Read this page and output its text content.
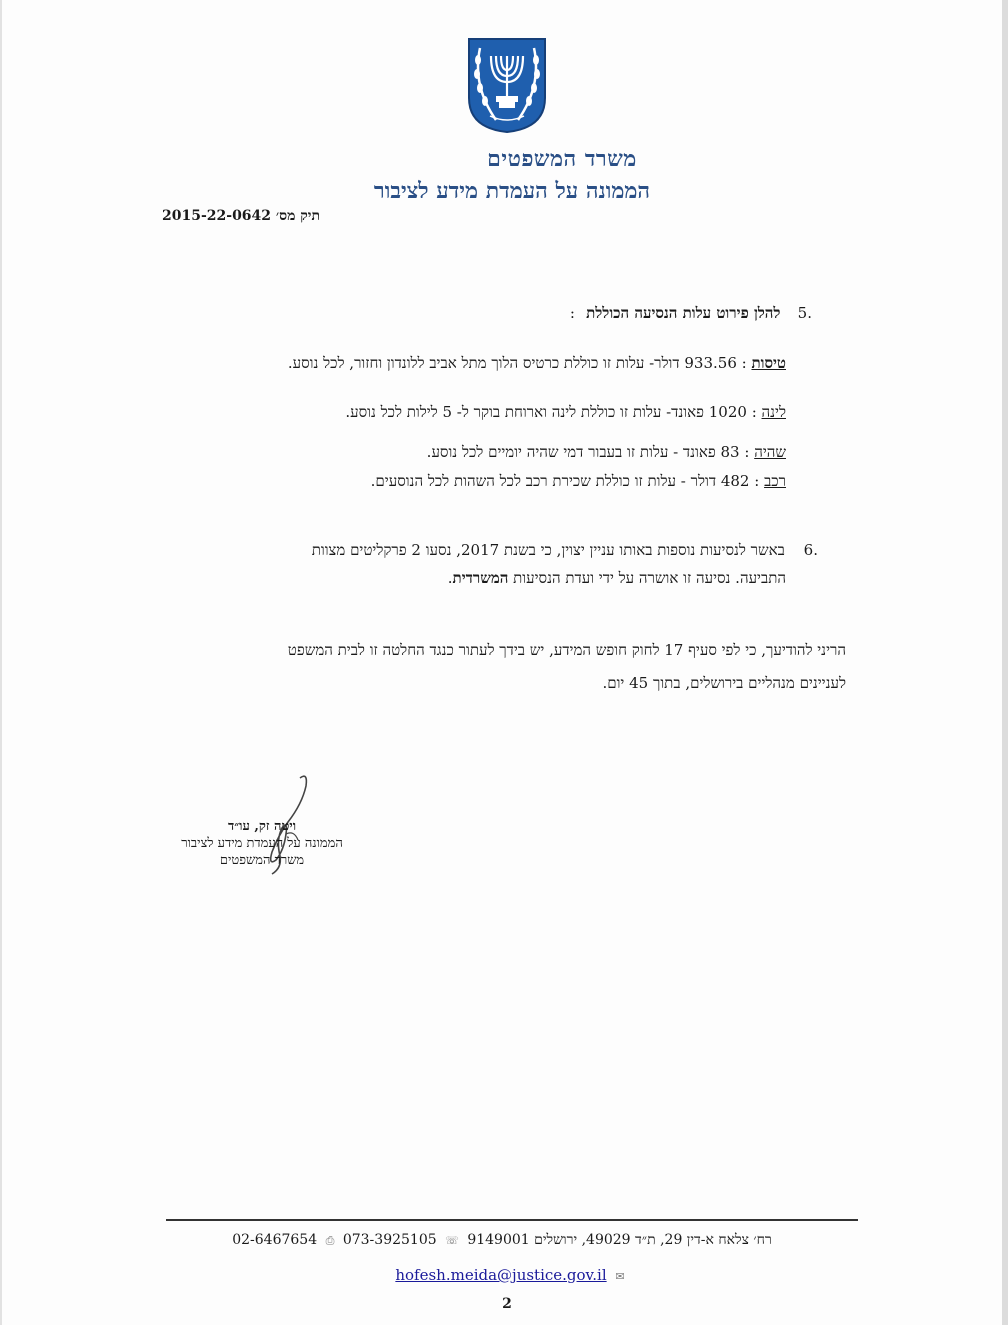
משרד המשפטים
הממונה על העמדת מידע לציבור
תיק מס׳ 2015-22-0642
.5 להלן פירוט עלות הנסיעה הכוללת :
טיסות : 933.56 דולר- עלות זו כוללת כרטיס הלוך מתל אביב ללונדון וחזור, לכל נוסע.
לינה : 1020 פאונד- עלות זו כוללת לינה וארוחת בוקר ל- 5 לילות לכל נוסע.
שהיה : 83 פאונד - עלות זו בעבור דמי שהיה יומיים לכל נוסע.
רכב : 482 דולר - עלות זו כוללת שכירת רכב לכל השהות לכל הנוסעים.
.6 באשר לנסיעות נוספות באותו עניין יצוין, כי בשנת 2017, נסעו 2 פרקליטים מצוות
התביעה. נסיעה זו אושרה על ידי ועדת הנסיעות המשרדית.
הריני להודיעך, כי לפי סעיף 17 לחוק חופש המידע, יש בידך לעתור כנגד החלטה זו לבית המשפט
לעניינים מנהליים בירושלים, בתוך 45 יום.
ויטה זק, עו״ד
הממונה על העמדת מידע לציבור
משרד המשפטים
רח׳ צלאח א-דין 29, ת״ד 49029, ירושלים 9149001 ☏ 073-3925105 ⎙ 02-6467654
hofesh.meida@justice.gov.il ✉
2
